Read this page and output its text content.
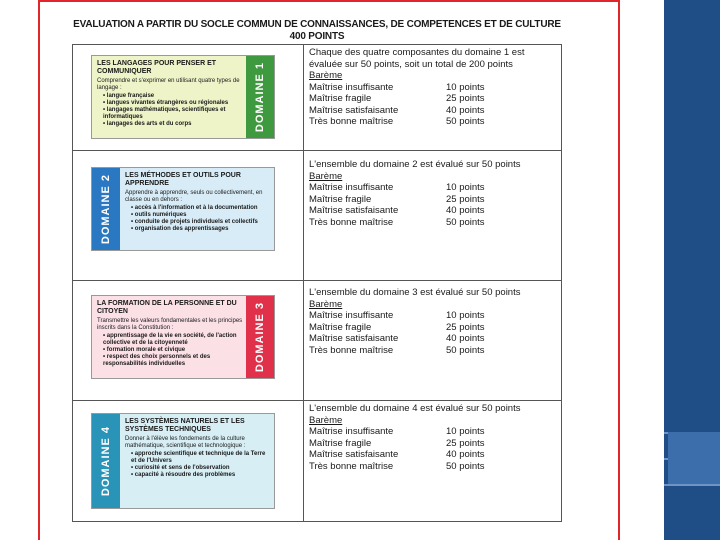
EVALUATION A PARTIR DU SOCLE COMMUN DE CONNAISSANCES, DE COMPETENCES ET DE CULTURE
400 POINTS
LES LANGAGES POUR PENSER ET COMMUNIQUER
Comprendre et s'exprimer en utilisant quatre types de langage :
• langue française
• langues vivantes étrangères ou régionales
• langages mathématiques, scientifiques et informatiques
• langages des arts et du corps	DOMAINE 1

Chaque des quatre composantes du domaine 1 est évaluée sur 50 points, soit un total de 200 points

Barème
Maîtrise insuffisante	10 points
Maîtrise fragile	25 points
Maîtrise satisfaisante	40 points
Très bonne maîtrise	50 points
DOMAINE 2 LES MÉTHODES ET OUTILS POUR APPRENDRE
Apprendre à apprendre, seuls ou collectivement, en classe ou en dehors :
• accès à l'information et à la documentation
• outils numériques
• conduite de projets individuels et collectifs
• organisation des apprentissages

L'ensemble du domaine 2 est évalué sur 50 points

Barème
Maîtrise insuffisante	10 points
Maîtrise fragile	25 points
Maîtrise satisfaisante	40 points
Très bonne maîtrise	50 points
LA FORMATION DE LA PERSONNE ET DU CITOYEN
Transmettre les valeurs fondamentales et les principes inscrits dans la Constitution :
• apprentissage de la vie en société, de l'action collective et de la citoyenneté
• formation morale et civique
• respect des choix personnels et des responsabilités individuelles	DOMAINE 3

L'ensemble du domaine 3 est évalué sur 50 points

Barème
Maîtrise insuffisante	10 points
Maîtrise fragile	25 points
Maîtrise satisfaisante	40 points
Très bonne maîtrise	50 points
DOMAINE 4
LES SYSTÈMES NATURELS ET LES SYSTÈMES TECHNIQUES
Donner à l'élève les fondements de la culture mathématique, scientifique et technologique :
• approche scientifique et technique de la Terre et de l'Univers
• curiosité et sens de l'observation
• capacité à résoudre des problèmes

L'ensemble du domaine 4 est évalué sur 50 points

Barème
Maîtrise insuffisante	10 points
Maîtrise fragile	25 points
Maîtrise satisfaisante	40 points
Très bonne maîtrise	50 points
